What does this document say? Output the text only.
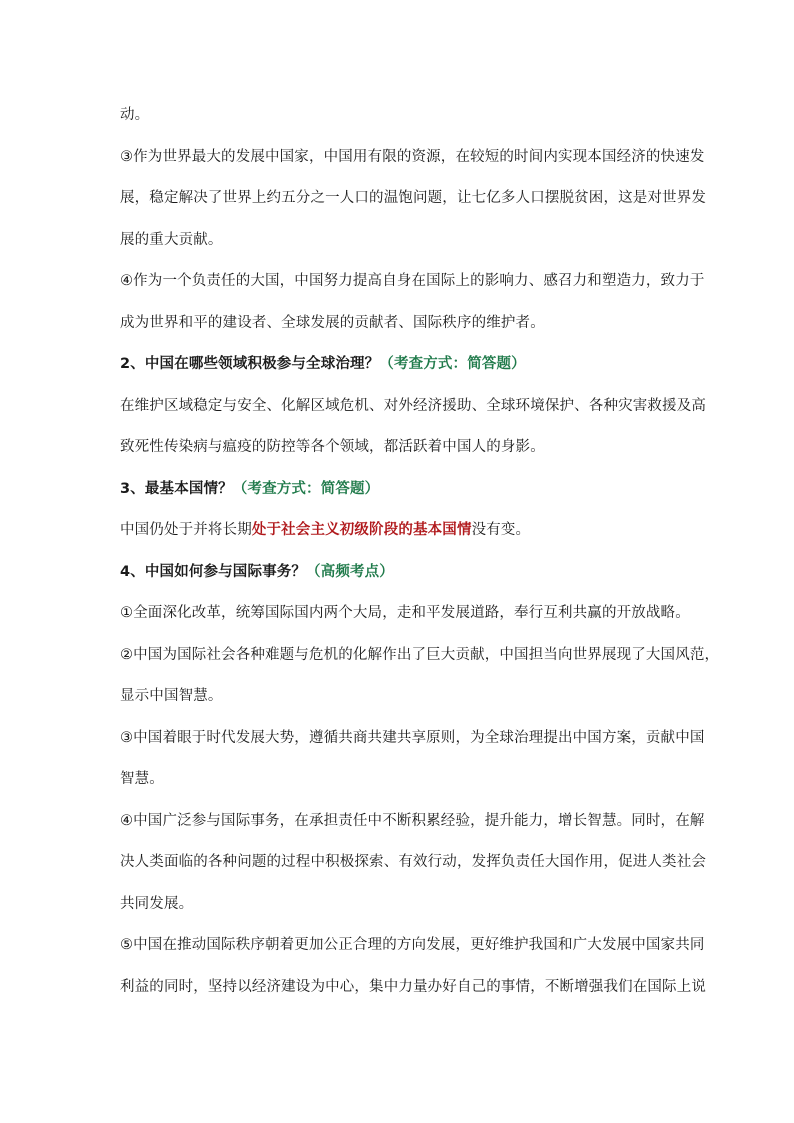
动。
③作为世界最大的发展中国家，中国用有限的资源，在较短的时间内实现本国经济的快速发
展，稳定解决了世界上约五分之一人口的温饱问题，让七亿多人口摆脱贫困，这是对世界发
展的重大贡献。
④作为一个负责任的大国，中国努力提高自身在国际上的影响力、感召力和塑造力，致力于
成为世界和平的建设者、全球发展的贡献者、国际秩序的维护者。
2、中国在哪些领域积极参与全球治理？（考查方式：简答题）
在维护区域稳定与安全、化解区域危机、对外经济援助、全球环境保护、各种灾害救援及高
致死性传染病与瘟疫的防控等各个领域，都活跃着中国人的身影。
3、最基本国情？（考查方式：简答题）
中国仍处于并将长期处于社会主义初级阶段的基本国情没有变。
4、中国如何参与国际事务？（高频考点）
①全面深化改革，统筹国际国内两个大局，走和平发展道路，奉行互利共赢的开放战略。
②中国为国际社会各种难题与危机的化解作出了巨大贡献，中国担当向世界展现了大国风范，
显示中国智慧。
③中国着眼于时代发展大势，遵循共商共建共享原则，为全球治理提出中国方案，贡献中国
智慧。
④中国广泛参与国际事务，在承担责任中不断积累经验，提升能力，增长智慧。同时，在解
决人类面临的各种问题的过程中积极探索、有效行动，发挥负责任大国作用，促进人类社会
共同发展。
⑤中国在推动国际秩序朝着更加公正合理的方向发展，更好维护我国和广大发展中国家共同
利益的同时，坚持以经济建设为中心，集中力量办好自己的事情，不断增强我们在国际上说
